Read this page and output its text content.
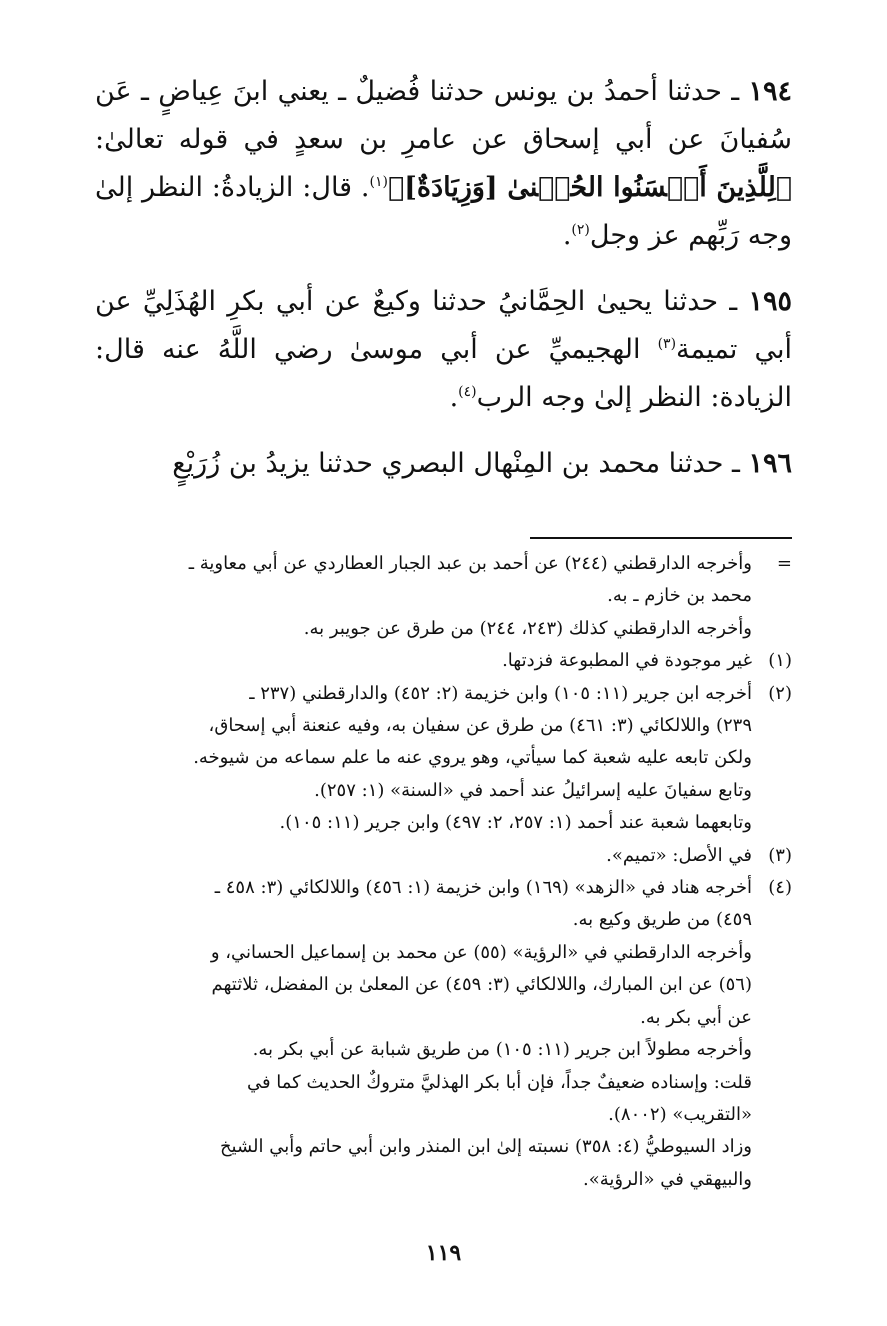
١٩٤ ـ حدثنا أحمدُ بن يونس حدثنا فُضيلٌ ـ يعني ابنَ عِياضٍ ـ عَن سُفيانَ عن أبي إسحاق عن عامرِ بن سعدٍ في قوله تعالىٰ: ﴿لِلَّذِينَ أَحۡسَنُوا الحُسۡنىٰ [وَزِيَادَةٌ]﴾$^{(١)}$. قال: الزيادةُ: النظر إلىٰ وجه رَبِّهم عز وجل$^{(٢)}$.

١٩٥ ـ حدثنا يحيىٰ الحِمَّانيُ حدثنا وكيعٌ عن أبي بكرِ الهُذَلِيِّ عن أبي تميمة$^{(٣)}$ الهجيميِّ عن أبي موسىٰ رضي اللَّهُ عنه قال: الزيادة: النظر إلىٰ وجه الرب$^{(٤)}$.

١٩٦ ـ حدثنا محمد بن المِنْهال البصري حدثنا يزيدُ بن زُرَيْعٍ

=
وأخرجه الدارقطني (٢٤٤) عن أحمد بن عبد الجبار العطاردي عن أبي معاوية ـ
محمد بن خازم ـ به.
وأخرجه الدارقطني كذلك (٢٤٣، ٢٤٤) من طرق عن جويبر به.
(١)
غير موجودة في المطبوعة فزدتها.
(٢)
أخرجه ابن جرير (١١: ١٠٥) وابن خزيمة (٢: ٤٥٢) والدارقطني (٢٣٧ ـ
٢٣٩) واللالكائي (٣: ٤٦١) من طرق عن سفيان به، وفيه عنعنة أبي إسحاق،
ولكن تابعه عليه شعبة كما سيأتي، وهو يروي عنه ما علم سماعه من شيوخه.
وتابع سفيانَ عليه إسرائيلُ عند أحمد في «السنة» (١: ٢٥٧).
وتابعهما شعبة عند أحمد (١: ٢٥٧، ٢: ٤٩٧) وابن جرير (١١: ١٠٥).
(٣)
في الأصل: «تميم».
(٤)
أخرجه هناد في «الزهد» (١٦٩) وابن خزيمة (١: ٤٥٦) واللالكائي (٣: ٤٥٨ ـ
٤٥٩) من طريق وكيع به.
وأخرجه الدارقطني في «الرؤية» (٥٥) عن محمد بن إسماعيل الحساني، و
(٥٦) عن ابن المبارك، واللالكائي (٣: ٤٥٩) عن المعلىٰ بن المفضل، ثلاثتهم
عن أبي بكر به.
وأخرجه مطولاً ابن جرير (١١: ١٠٥) من طريق شبابة عن أبي بكر به.
قلت: وإسناده ضعيفٌ جداً، فإن أبا بكر الهذليَّ متروكٌ الحديث كما في
«التقريب» (٨٠٠٢).
وزاد السيوطيُّ (٤: ٣٥٨) نسبته إلىٰ ابن المنذر وابن أبي حاتم وأبي الشيخ
والبيهقي في «الرؤية».
١١٩
